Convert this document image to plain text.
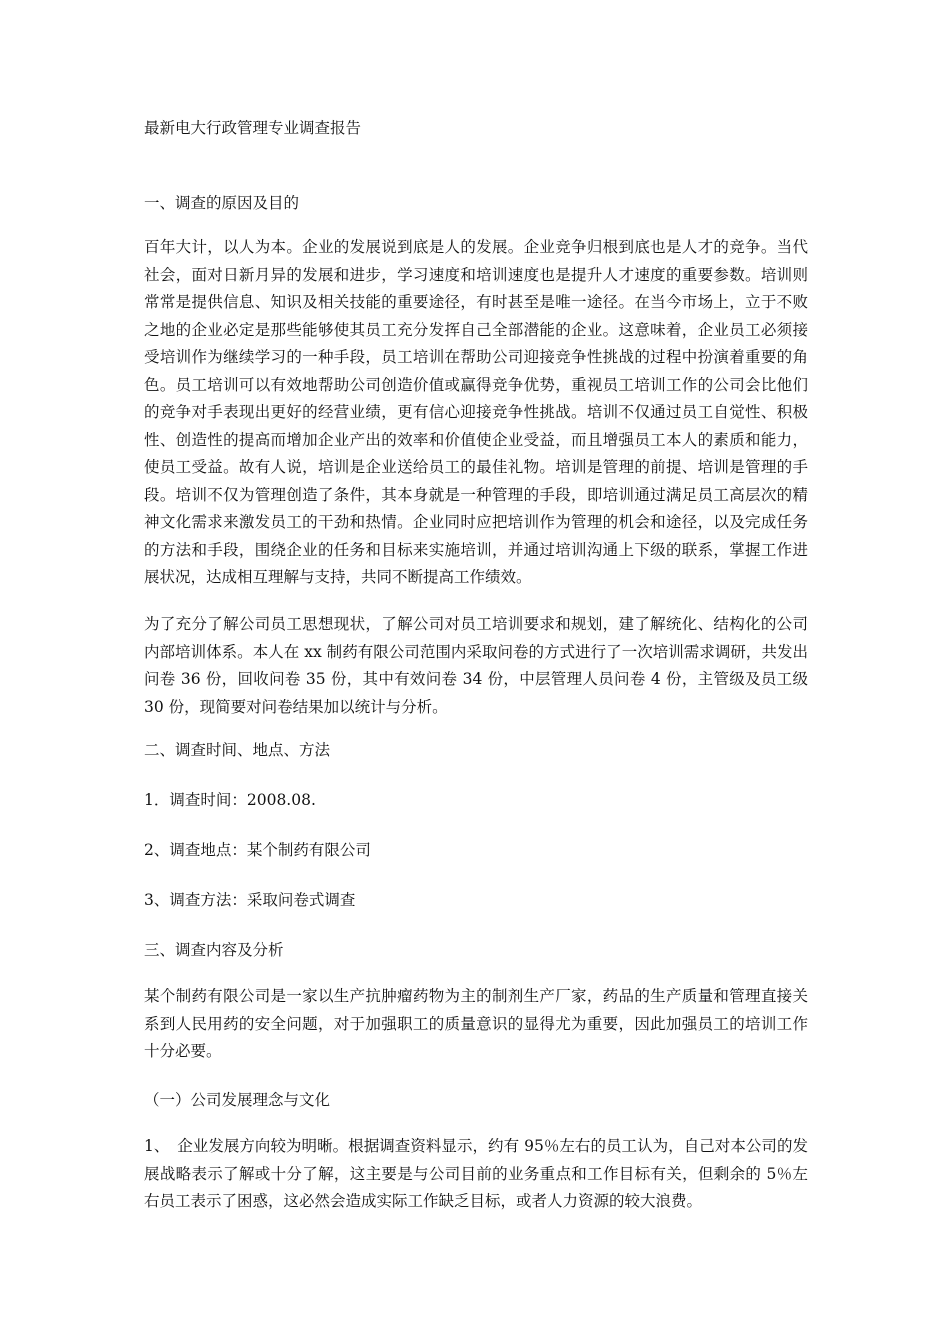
最新电大行政管理专业调查报告
一、调查的原因及目的
百年大计，以人为本。企业的发展说到底是人的发展。企业竞争归根到底也是人才的竞争。当代社会，面对日新月异的发展和进步，学习速度和培训速度也是提升人才速度的重要参数。培训则常常是提供信息、知识及相关技能的重要途径，有时甚至是唯一途径。在当今市场上，立于不败之地的企业必定是那些能够使其员工充分发挥自己全部潜能的企业。这意味着，企业员工必须接受培训作为继续学习的一种手段，员工培训在帮助公司迎接竞争性挑战的过程中扮演着重要的角色。员工培训可以有效地帮助公司创造价值或赢得竞争优势，重视员工培训工作的公司会比他们的竞争对手表现出更好的经营业绩，更有信心迎接竞争性挑战。培训不仅通过员工自觉性、积极性、创造性的提高而增加企业产出的效率和价值使企业受益，而且增强员工本人的素质和能力，使员工受益。故有人说，培训是企业送给员工的最佳礼物。培训是管理的前提、培训是管理的手段。培训不仅为管理创造了条件，其本身就是一种管理的手段，即培训通过满足员工高层次的精神文化需求来激发员工的干劲和热情。企业同时应把培训作为管理的机会和途径，以及完成任务的方法和手段，围绕企业的任务和目标来实施培训，并通过培训沟通上下级的联系，掌握工作进展状况，达成相互理解与支持，共同不断提高工作绩效。
为了充分了解公司员工思想现状，了解公司对员工培训要求和规划，建了解统化、结构化的公司内部培训体系。本人在 xx 制药有限公司范围内采取问卷的方式进行了一次培训需求调研，共发出问卷 36 份，回收问卷 35 份，其中有效问卷 34 份，中层管理人员问卷 4 份，主管级及员工级 30 份，现简要对问卷结果加以统计与分析。
二、调查时间、地点、方法
1．调查时间：2008.08.
2、调查地点：某个制药有限公司
3、调查方法：采取问卷式调查
三、调查内容及分析
某个制药有限公司是一家以生产抗肿瘤药物为主的制剂生产厂家，药品的生产质量和管理直接关系到人民用药的安全问题，对于加强职工的质量意识的显得尤为重要，因此加强员工的培训工作十分必要。
（一）公司发展理念与文化
1、　企业发展方向较为明晰。根据调查资料显示，约有 95％左右的员工认为，自己对本公司的发展战略表示了解或十分了解，这主要是与公司目前的业务重点和工作目标有关，但剩余的 5％左右员工表示了困惑，这必然会造成实际工作缺乏目标，或者人力资源的较大浪费。
